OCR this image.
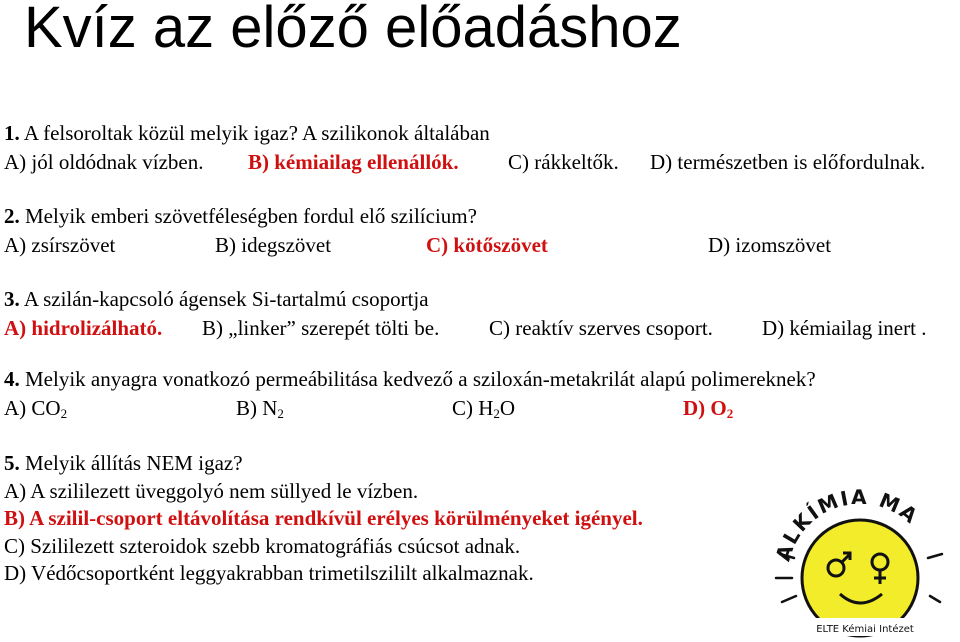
Kvíz az előző előadáshoz
1. A felsoroltak közül melyik igaz? A szilikonok általában
A) jól oldódnak vízben. B) kémiailag ellenállók. C) rákkeltők. D) természetben is előfordulnak.
2. Melyik emberi szövetféleségben fordul elő szilícium?
A) zsírszövet	B) idegszövet	C) kötőszövet	D) izomszövet
3. A szilán-kapcsoló ágensek Si-tartalmú csoportja
A) hidrolizálható. B) „linker” szerepét tölti be. C) reaktív szerves csoport. D) kémiailag inert .
4. Melyik anyagra vonatkozó permeábilitása kedvező a sziloxán-metakrilát alapú polimereknek?
A) $CO_2$	B) $N_2$	C) $H_2O$	D) $O_2$
5. Melyik állítás NEM igaz?
A) A szililezett üveggolyó nem süllyed le vízben.
B) A szilil-csoport eltávolítása rendkívül erélyes körülményeket igényel.
C) Szililezett szteroidok szebb kromatográfiás csúcsot adnak.
D) Védőcsoportként leggyakrabban trimetilszililt alkalmaznak.
ALKÍMIA MA
ELTE Kémiai Intézet
